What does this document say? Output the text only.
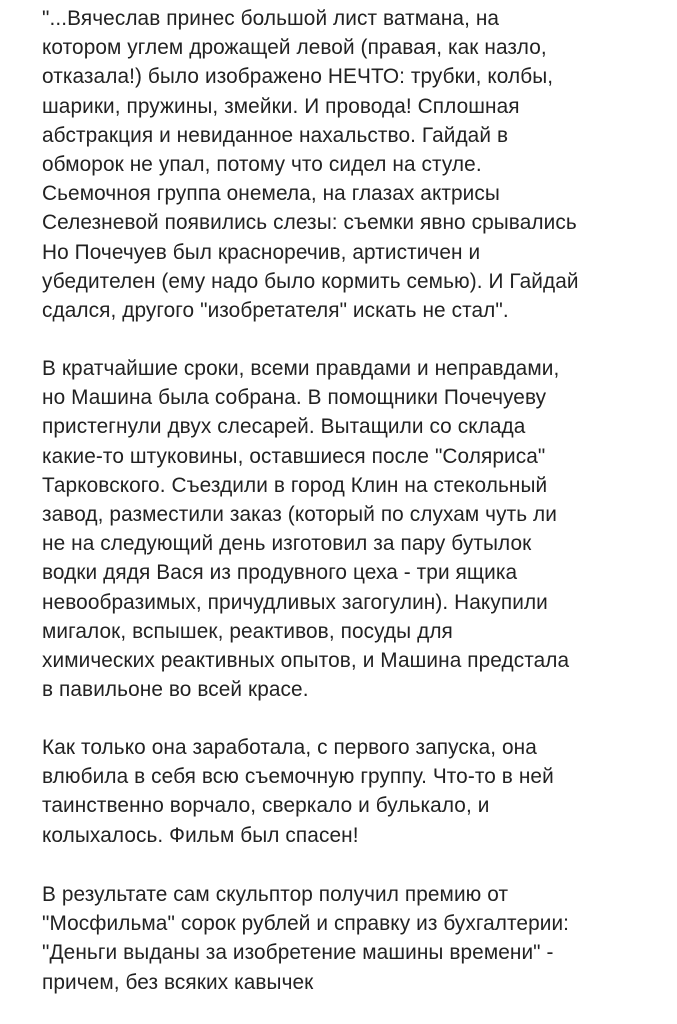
"...Вячеслав принес большой лист ватмана, на
котором углем дрожащей левой (правая, как назло,
отказала!) было изображено НЕЧТО: трубки, колбы,
шарики, пружины, змейки. И провода! Сплошная
абстракция и невиданное нахальство. Гайдай в
обморок не упал, потому что сидел на стуле.
Сьемочноя группа онемела, на глазах актрисы
Селезневой появились слезы: съемки явно срывались
Но Почечуев был красноречив, артистичен и
убедителен (ему надо было кормить семью). И Гайдай
сдался, другого "изобретателя" искать не стал".

В кратчайшие сроки, всеми правдами и неправдами,
но Машина была собрана. В помощники Почечуеву
пристегнули двух слесарей. Вытащили со склада
какие-то штуковины, оставшиеся после "Соляриса"
Тарковского. Съездили в город Клин на стекольный
завод, разместили заказ (который по слухам чуть ли
не на следующий день изготовил за пару бутылок
водки дядя Вася из продувного цеха - три ящика
невообразимых, причудливых загогулин). Накупили
мигалок, вспышек, реактивов, посуды для
химических реактивных опытов, и Машина предстала
в павильоне во всей красе.

Как только она заработала, с первого запуска, она
влюбила в себя всю съемочную группу. Что-то в ней
таинственно ворчало, сверкало и булькало, и
колыхалось. Фильм был спасен!

В результате сам скульптор получил премию от
"Мосфильма" сорок рублей и справку из бухгалтерии:
"Деньги выданы за изобретение машины времени" -
причем, без всяких кавычек
